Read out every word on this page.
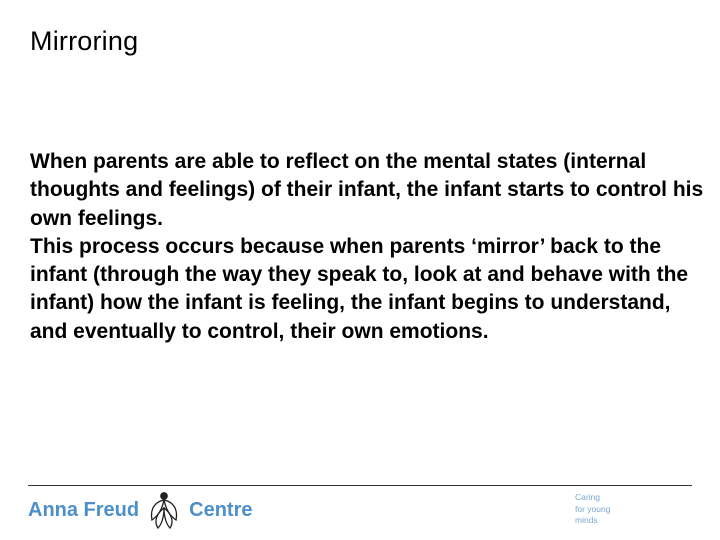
Mirroring

When parents are able to reflect on the mental states (internal thoughts and feelings) of their infant, the infant starts to control his own feelings.

This process occurs because when parents ‘mirror’ back to the infant (through the way they speak to, look at and behave with the infant) how the infant is feeling, the infant begins to understand, and eventually to control, their own emotions.

Anna Freud	Centre
Caring
for young
minds
